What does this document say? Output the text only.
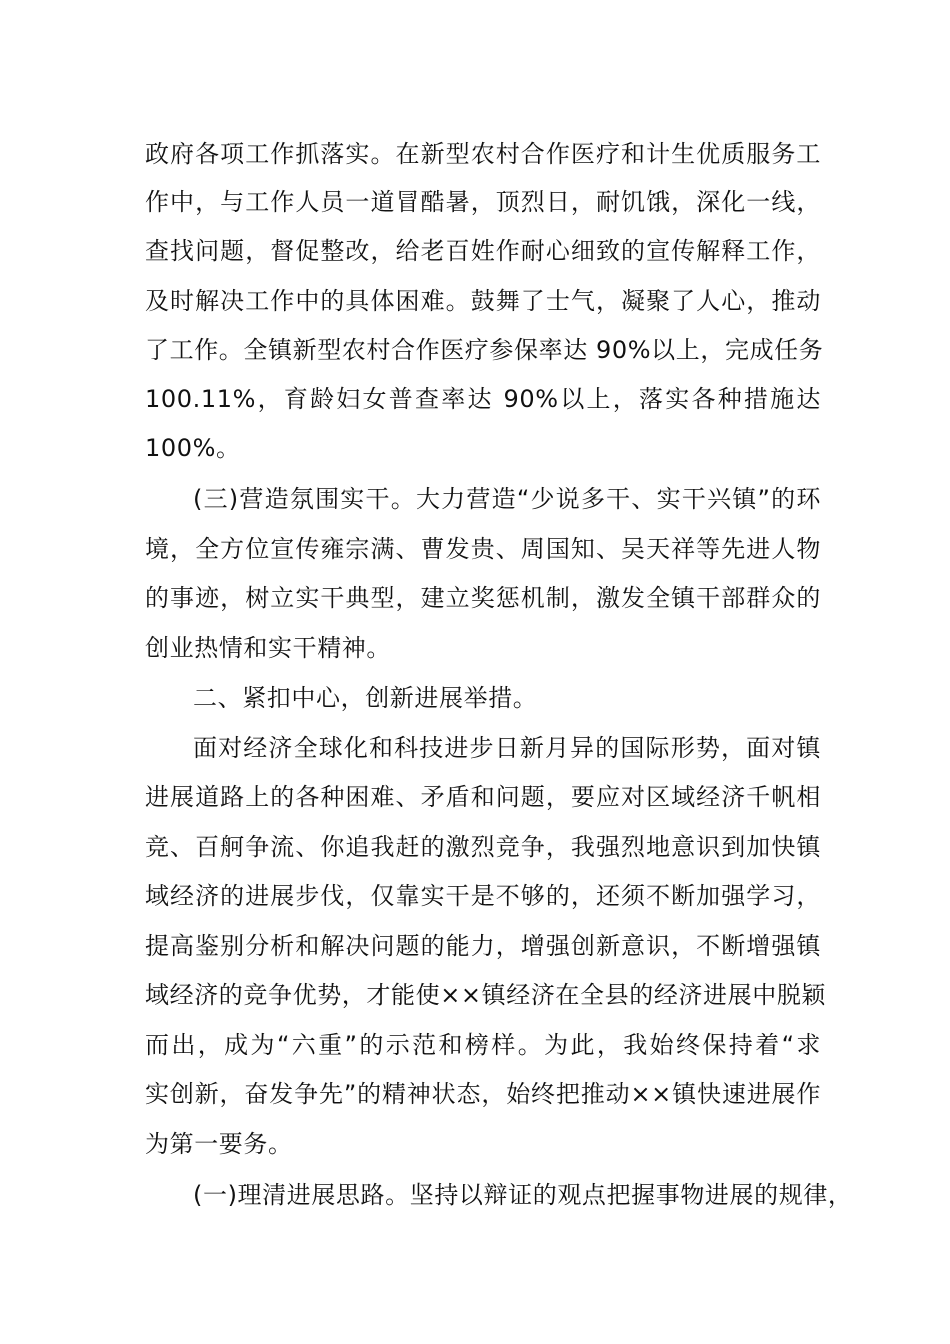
政府各项工作抓落实。在新型农村合作医疗和计生优质服务工
作中，与工作人员一道冒酷暑，顶烈日，耐饥饿，深化一线，
查找问题，督促整改，给老百姓作耐心细致的宣传解释工作，
及时解决工作中的具体困难。鼓舞了士气，凝聚了人心，推动
了工作。全镇新型农村合作医疗参保率达 90%以上，完成任务
100.11%，育龄妇女普查率达 90%以上，落实各种措施达
100%。
(三)营造氛围实干。大力营造“少说多干、实干兴镇”的环
境，全方位宣传雍宗满、曹发贵、周国知、吴天祥等先进人物
的事迹，树立实干典型，建立奖惩机制，激发全镇干部群众的
创业热情和实干精神。
二、紧扣中心，创新进展举措。
面对经济全球化和科技进步日新月异的国际形势，面对镇
进展道路上的各种困难、矛盾和问题，要应对区域经济千帆相
竞、百舸争流、你追我赶的激烈竞争，我强烈地意识到加快镇
域经济的进展步伐，仅靠实干是不够的，还须不断加强学习，
提高鉴别分析和解决问题的能力，增强创新意识，不断增强镇
域经济的竞争优势，才能使××镇经济在全县的经济进展中脱颖
而出，成为“六重”的示范和榜样。为此，我始终保持着“求
实创新，奋发争先”的精神状态，始终把推动××镇快速进展作
为第一要务。
(一)理清进展思路。坚持以辩证的观点把握事物进展的规律，
